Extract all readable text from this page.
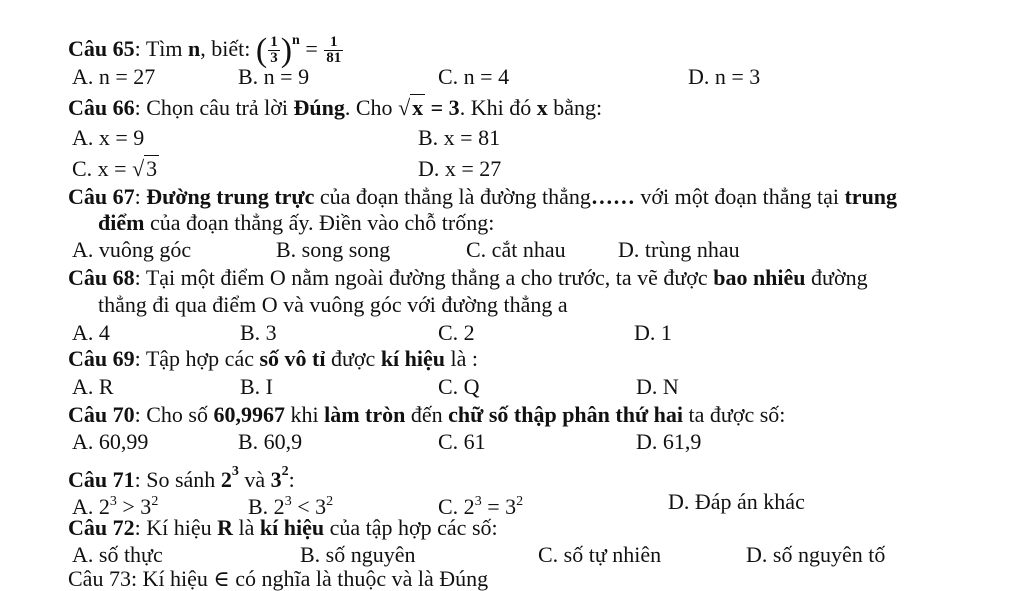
Câu 65: Tìm n, biết: ( $\frac{1}{3} )^n = \frac{1}{81}$
A. n = 27	B. n = 9	C. n = 4	D. n = 3
Câu 66: Chọn câu trả lời Đúng. Cho √x = 3. Khi đó x bằng:
A. x = 9	B. x = 81
C. x = √3	D. x = 27
Câu 67: Đường trung trực của đoạn thẳng là đường thẳng…… với một đoạn thẳng tại trung
điểm của đoạn thẳng ấy. Điền vào chỗ trống:
A. vuông góc	B. song song	C. cắt nhau D. trùng nhau
Câu 68: Tại một điểm O nằm ngoài đường thẳng a cho trước, ta vẽ được bao nhiêu đường
thẳng đi qua điểm O và vuông góc với đường thẳng a
A. 4	B. 3	C. 2	D. 1
Câu 69: Tập hợp các số vô tỉ được kí hiệu là :
A. R	B. I	C. Q	D. N
Câu 70: Cho số 60,9967 khi làm tròn đến chữ số thập phân thứ hai ta được số:
A. 60,99	B. 60,9	C. 61	D. 61,9
Câu 71: So sánh $2^3$ và $3^2$:
A. $2^3 > 3^2$	B. $2^3 < 3^2$	C. $2^3 = 3^2$	D. Đáp án khác
Câu 72: Kí hiệu R là kí hiệu của tập hợp các số:
A. số thực	B. số nguyên	C. số tự nhiên	D. số nguyên tố
Câu 73: Kí hiệu ∈ có nghĩa là thuộc và là Đúng
